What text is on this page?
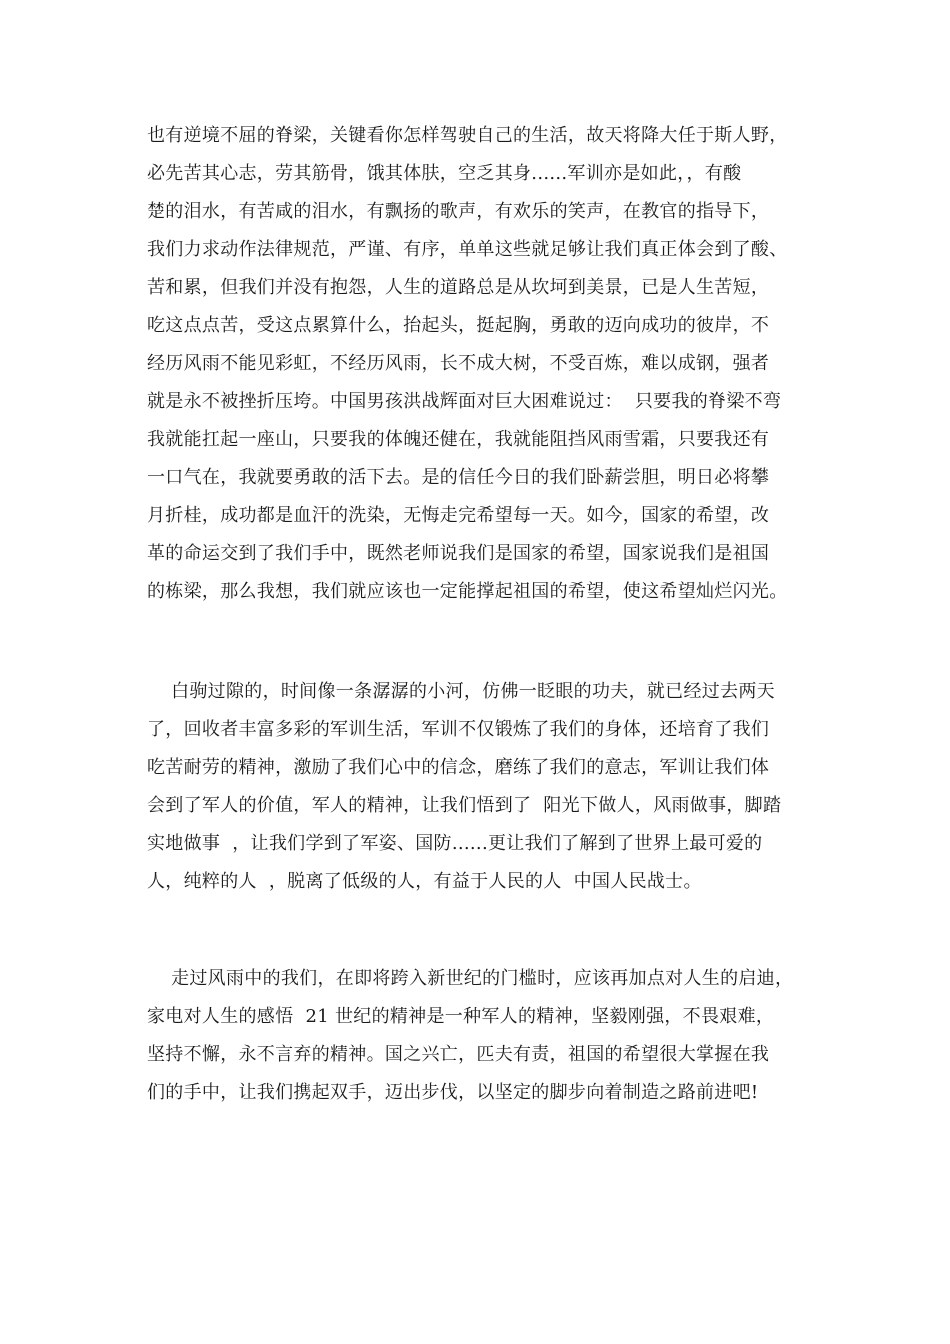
也有逆境不屈的脊梁，关键看你怎样驾驶自己的生活，故天将降大任于斯人野，
必先苦其心志，劳其筋骨，饿其体肤，空乏其身......军训亦是如此，，有酸
楚的泪水，有苦咸的泪水，有飘扬的歌声，有欢乐的笑声，在教官的指导下，
我们力求动作法律规范，严谨、有序，单单这些就足够让我们真正体会到了酸、
苦和累，但我们并没有抱怨，人生的道路总是从坎坷到美景，已是人生苦短，
吃这点点苦，受这点累算什么，抬起头，挺起胸，勇敢的迈向成功的彼岸，不
经历风雨不能见彩虹，不经历风雨，长不成大树，不受百炼，难以成钢，强者
就是永不被挫折压垮。中国男孩洪战辉面对巨大困难说过：  只要我的脊梁不弯
我就能扛起一座山，只要我的体魄还健在，我就能阻挡风雨雪霜，只要我还有
一口气在，我就要勇敢的活下去。是的信任今日的我们卧薪尝胆，明日必将攀
月折桂，成功都是血汗的洗染，无悔走完希望每一天。如今，国家的希望，改
革的命运交到了我们手中，既然老师说我们是国家的希望，国家说我们是祖国
的栋梁，那么我想，我们就应该也一定能撑起祖国的希望，使这希望灿烂闪光。
白驹过隙的，时间像一条潺潺的小河，仿佛一眨眼的功夫，就已经过去两天
了，回收者丰富多彩的军训生活，军训不仅锻炼了我们的身体，还培育了我们
吃苦耐劳的精神，激励了我们心中的信念，磨练了我们的意志，军训让我们体
会到了军人的价值，军人的精神，让我们悟到了  阳光下做人，风雨做事，脚踏
实地做事  ，让我们学到了军姿、国防......更让我们了解到了世界上最可爱的
人，纯粹的人  ，脱离了低级的人，有益于人民的人  中国人民战士。
走过风雨中的我们，在即将跨入新世纪的门槛时，应该再加点对人生的启迪，
家电对人生的感悟  21 世纪的精神是一种军人的精神，坚毅刚强，不畏艰难，
坚持不懈，永不言弃的精神。国之兴亡，匹夫有责，祖国的希望很大掌握在我
们的手中，让我们携起双手，迈出步伐，以坚定的脚步向着制造之路前进吧!
